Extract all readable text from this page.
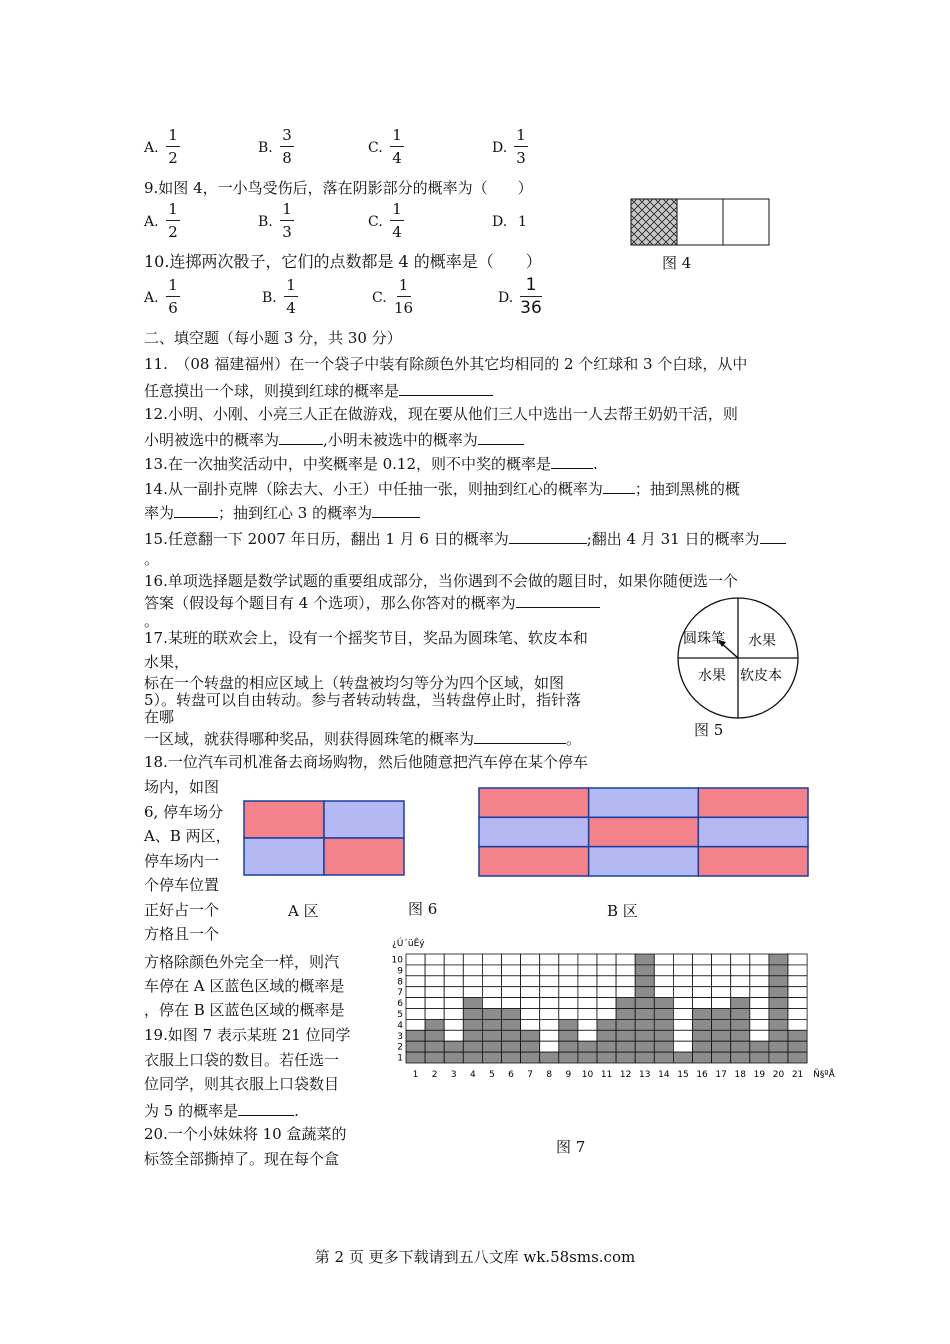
A.
1
2
B.
3
8
C.
1
4
D.
1
3
9.如图 4，一小鸟受伤后，落在阴影部分的概率为（　　）
A.
1
2
B.
1
3
C.
1
4
D. 1
图 4
10.连掷两次骰子，它们的点数都是 4 的概率是（　　）
A.
1
6
B.
1
4
C.
1
16
D.
1
36
二、填空题（每小题 3 分，共 30 分）
11.　（08 福建福州）在一个袋子中装有除颜色外其它均相同的 2 个红球和 3 个白球，从中
任意摸出一个球，则摸到红球的概率是
12.小明、小刚、小亮三人正在做游戏，现在要从他们三人中选出一人去帮王奶奶干活，则
小明被选中的概率为	,小明未被选中的概率为
13.在一次抽奖活动中，中奖概率是 0.12，则不中奖的概率是	.
14.从一副扑克牌（除去大、小王）中任抽一张，则抽到红心的概率为 ；抽到黑桃的概
率为	；抽到红心 3 的概率为
15.任意翻一下 2007 年日历，翻出 1 月 6 日的概率为	;翻出 4 月 31 日的概率为
。
16.单项选择题是数学试题的重要组成部分，当你遇到不会做的题目时，如果你随便选一个
答案（假设每个题目有 4 个选项），那么你答对的概率为
。
17.某班的联欢会上，设有一个摇奖节目，奖品为圆珠笔、软皮本和
水果，
标在一个转盘的相应区域上（转盘被均匀等分为四个区域，如图
5）。转盘可以自由转动。参与者转动转盘，当转盘停止时，指针落
在哪
一区域，就获得哪种奖品，则获得圆珠笔的概率为	。
圆珠笔 水果
水果 软皮本
图 5
18.一位汽车司机准备去商场购物，然后他随意把汽车停在某个停车
场内，如图
6, 停车场分
A、B 两区，
停车场内一
个停车位置
正好占一个
方格且一个
方格除颜色外完全一样，则汽
车停在 A 区蓝色区域的概率是
，停在 B 区蓝色区域的概率是
A 区	图 6	B 区
19.如图 7 表示某班 21 位同学
衣服上口袋的数目。若任选一
位同学，则其衣服上口袋数目
为 5 的概率是	.
20.一个小妹妹将 10 盒蔬菜的
标签全部撕掉了。现在每个盒
1
2
3
4
5
6
7
8
9
10
1 2 3 4 5 6 7 8 9 10 11 12 13 14 15 16 17 18 19 20 21
¿Ú´üÊý
Ñ§ºÅ
图 7
第 2 页 更多下载请到五八文库 wk.58sms.com
